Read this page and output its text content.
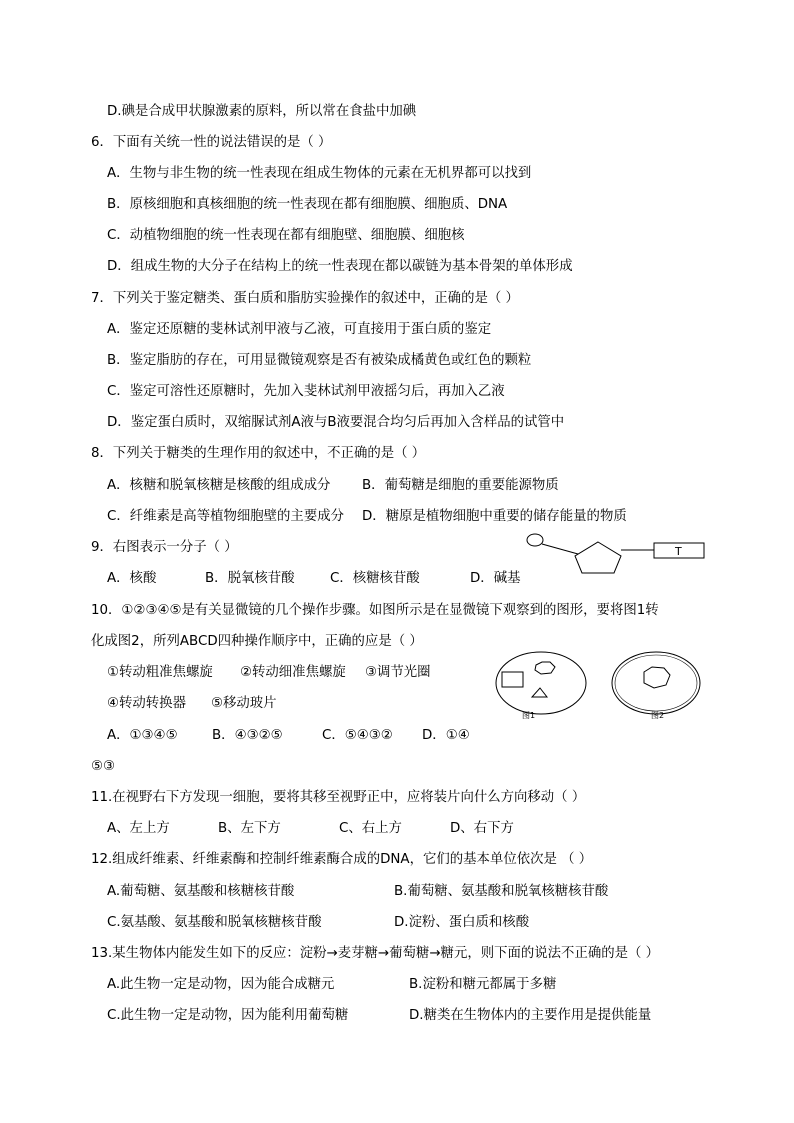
D.碘是合成甲状腺激素的原料，所以常在食盐中加碘
6．下面有关统一性的说法错误的是（ ）
A．生物与非生物的统一性表现在组成生物体的元素在无机界都可以找到
B．原核细胞和真核细胞的统一性表现在都有细胞膜、细胞质、DNA
C．动植物细胞的统一性表现在都有细胞壁、细胞膜、细胞核
D．组成生物的大分子在结构上的统一性表现在都以碳链为基本骨架的单体形成
7．下列关于鉴定糖类、蛋白质和脂肪实验操作的叙述中，正确的是（ ）
A．鉴定还原糖的斐林试剂甲液与乙液，可直接用于蛋白质的鉴定
B．鉴定脂肪的存在，可用显微镜观察是否有被染成橘黄色或红色的颗粒
C．鉴定可溶性还原糖时，先加入斐林试剂甲液摇匀后，再加入乙液
D．鉴定蛋白质时，双缩脲试剂A液与B液要混合均匀后再加入含样品的试管中
8．下列关于糖类的生理作用的叙述中，不正确的是（ ）
A．核糖和脱氧核糖是核酸的组成成分 B．葡萄糖是细胞的重要能源物质
C．纤维素是高等植物细胞壁的主要成分 D．糖原是植物细胞中重要的储存能量的物质
9．右图表示一分子（ ）
A．核酸	B．脱氧核苷酸	C．核糖核苷酸	D．碱基
T
10．①②③④⑤是有关显微镜的几个操作步骤。如图所示是在显微镜下观察到的图形，要将图1转
化成图2，所列ABCD四种操作顺序中，正确的应是（ ）
①转动粗准焦螺旋 ②转动细准焦螺旋 ③调节光圈
④转动转换器 ⑤移动玻片
A．①③④⑤	B．④③②⑤	C．⑤④③② D．①④
⑤③
图1	图2
11.在视野右下方发现一细胞，要将其移至视野正中，应将装片向什么方向移动（ ）
A、左上方	B、左下方	C、右上方	D、右下方
12.组成纤维素、纤维素酶和控制纤维素酶合成的DNA，它们的基本单位依次是 （ ）
A.葡萄糖、氨基酸和核糖核苷酸	B.葡萄糖、氨基酸和脱氧核糖核苷酸
C.氨基酸、氨基酸和脱氧核糖核苷酸	D.淀粉、蛋白质和核酸
13.某生物体内能发生如下的反应：淀粉→麦芽糖→葡萄糖→糖元，则下面的说法不正确的是（ ）
A.此生物一定是动物，因为能合成糖元	B.淀粉和糖元都属于多糖
C.此生物一定是动物，因为能利用葡萄糖	D.糖类在生物体内的主要作用是提供能量
